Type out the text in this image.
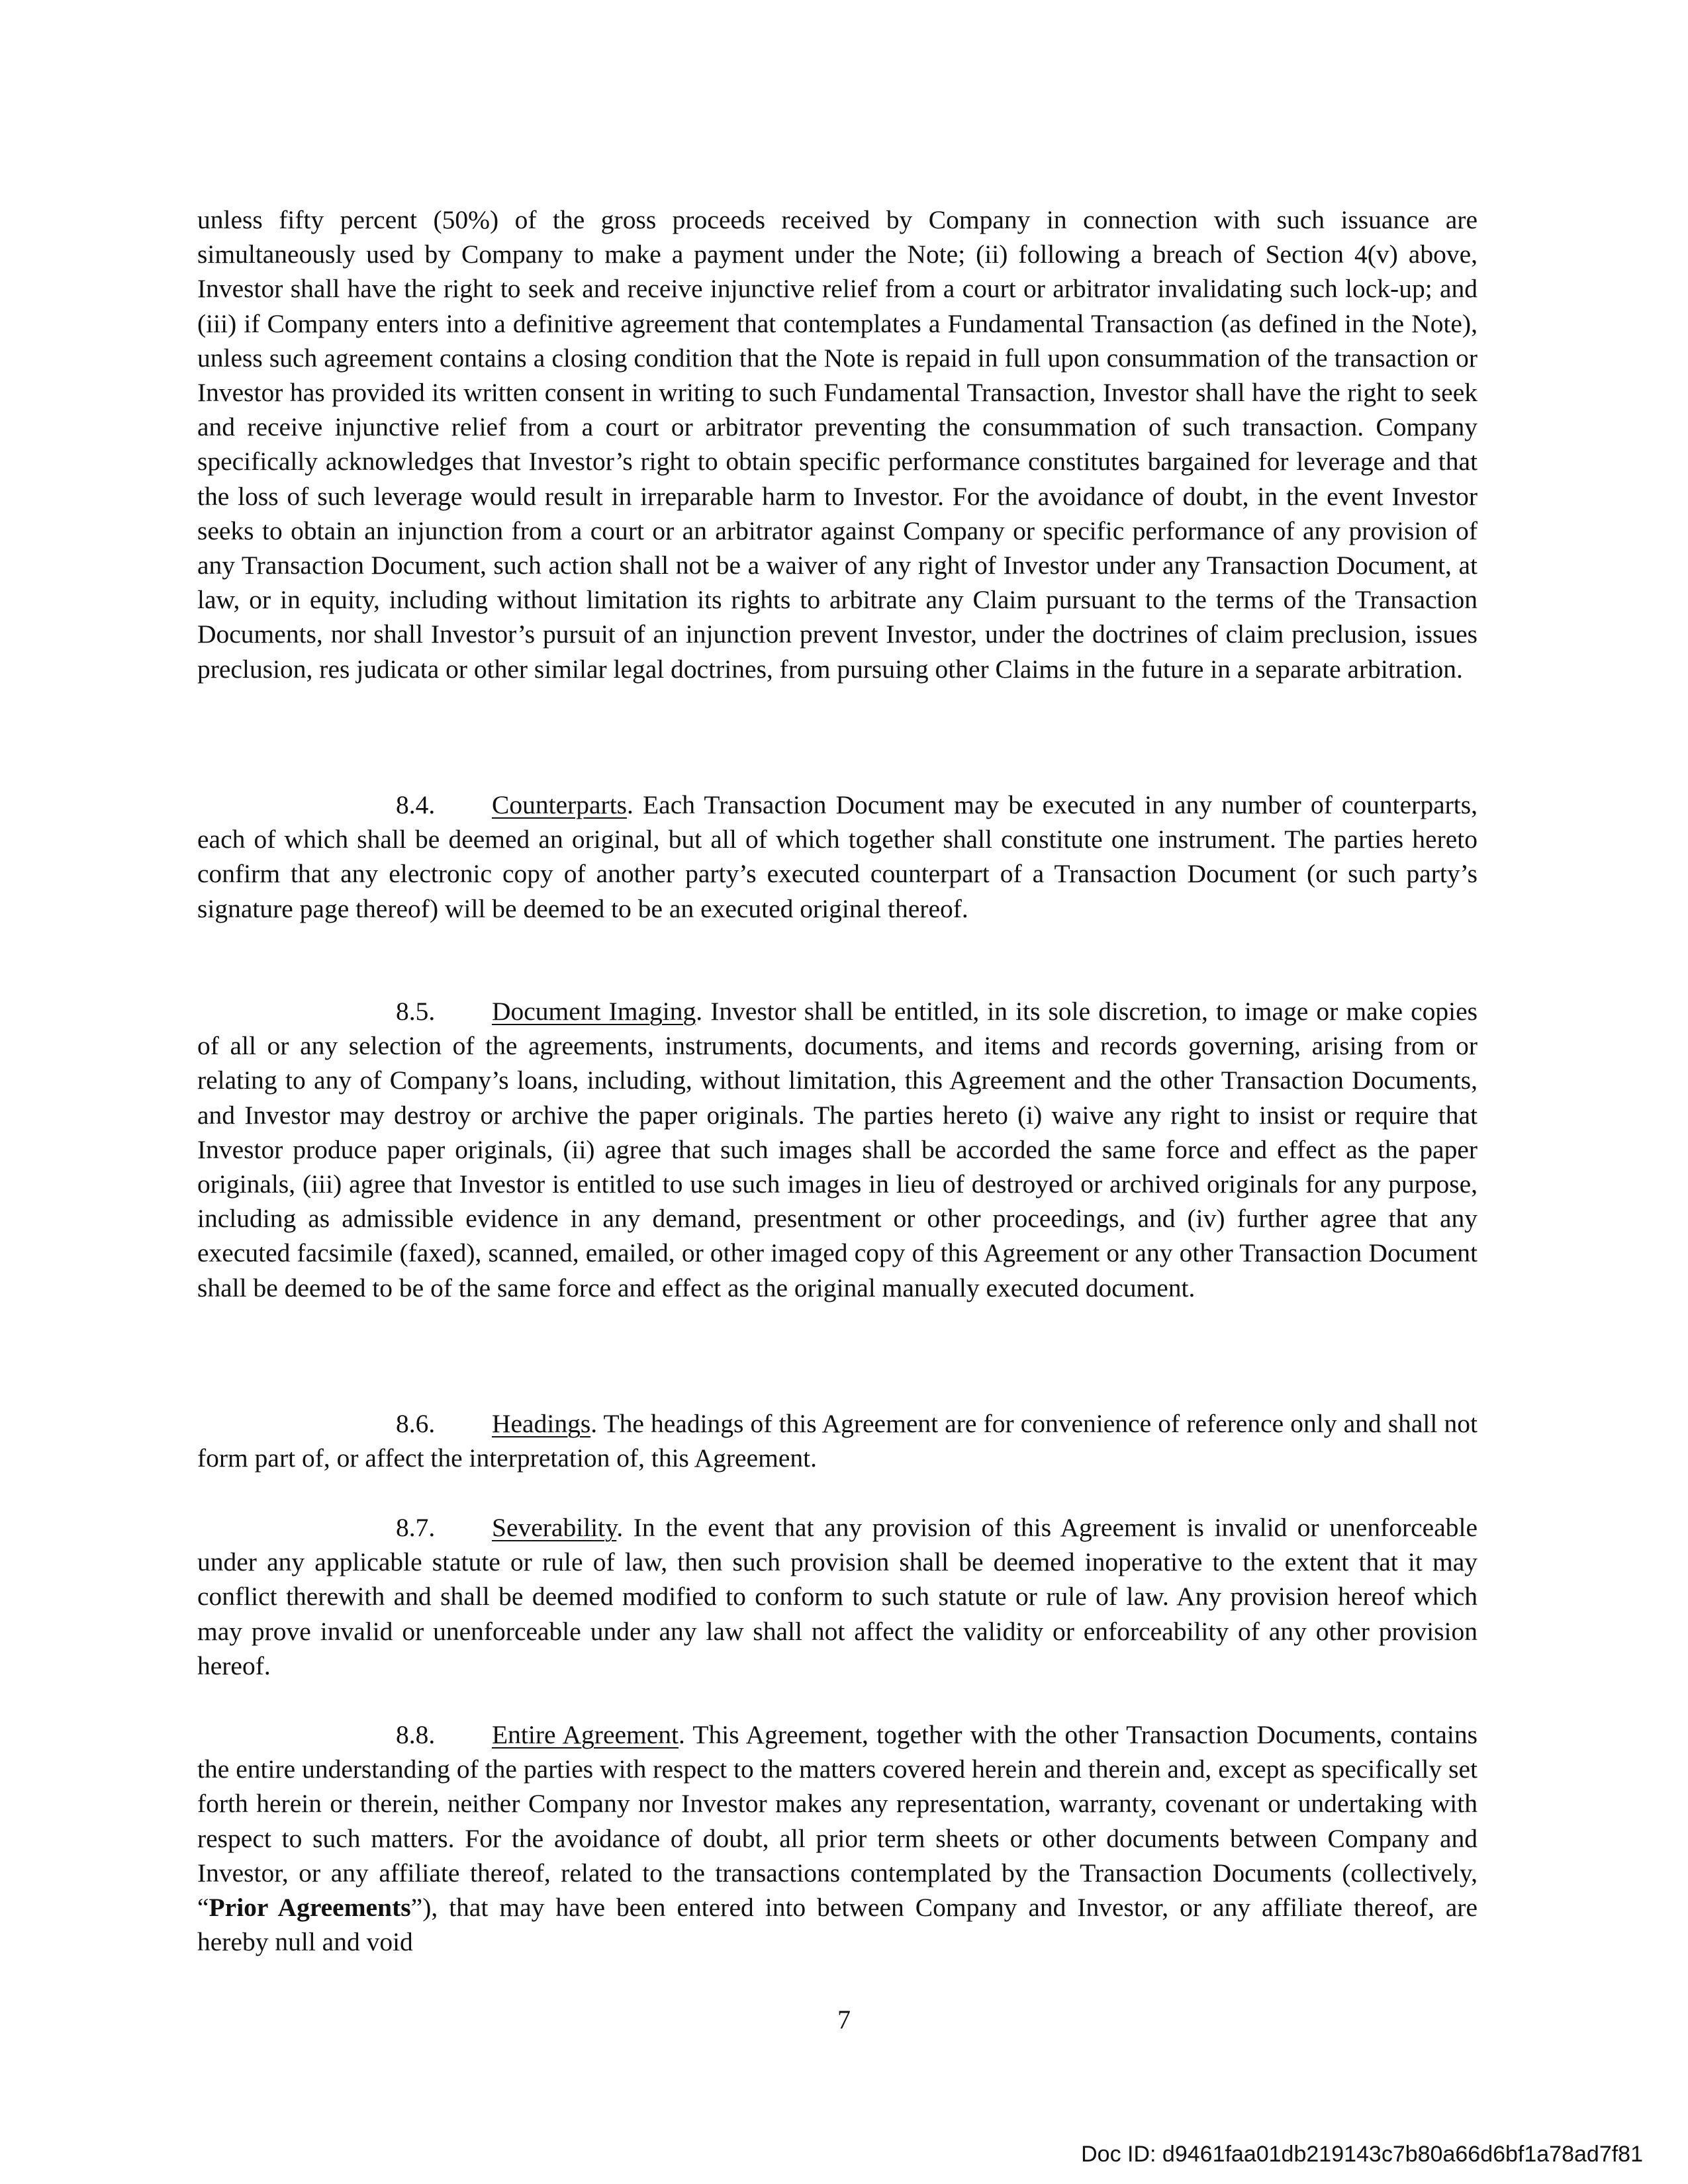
unless fifty percent (50%) of the gross proceeds received by Company in connection with such issuance are simultaneously used by Company to make a payment under the Note; (ii) following a breach of Section 4(v) above, Investor shall have the right to seek and receive injunctive relief from a court or arbitrator invalidating such lock-up; and (iii) if Company enters into a definitive agreement that contemplates a Fundamental Transaction (as defined in the Note), unless such agreement contains a closing condition that the Note is repaid in full upon consummation of the transaction or Investor has provided its written consent in writing to such Fundamental Transaction, Investor shall have the right to seek and receive injunctive relief from a court or arbitrator preventing the consummation of such transaction. Company specifically acknowledges that Investor’s right to obtain specific performance constitutes bargained for leverage and that the loss of such leverage would result in irreparable harm to Investor. For the avoidance of doubt, in the event Investor seeks to obtain an injunction from a court or an arbitrator against Company or specific performance of any provision of any Transaction Document, such action shall not be a waiver of any right of Investor under any Transaction Document, at law, or in equity, including without limitation its rights to arbitrate any Claim pursuant to the terms of the Transaction Documents, nor shall Investor’s pursuit of an injunction prevent Investor, under the doctrines of claim preclusion, issues preclusion, res judicata or other similar legal doctrines, from pursuing other Claims in the future in a separate arbitration.

8.4. Counterparts. Each Transaction Document may be executed in any number of counterparts, each of which shall be deemed an original, but all of which together shall constitute one instrument. The parties hereto confirm that any electronic copy of another party’s executed counterpart of a Transaction Document (or such party’s signature page thereof) will be deemed to be an executed original thereof.

8.5. Document Imaging. Investor shall be entitled, in its sole discretion, to image or make copies of all or any selection of the agreements, instruments, documents, and items and records governing, arising from or relating to any of Company’s loans, including, without limitation, this Agreement and the other Transaction Documents, and Investor may destroy or archive the paper originals. The parties hereto (i) waive any right to insist or require that Investor produce paper originals, (ii) agree that such images shall be accorded the same force and effect as the paper originals, (iii) agree that Investor is entitled to use such images in lieu of destroyed or archived originals for any purpose, including as admissible evidence in any demand, presentment or other proceedings, and (iv) further agree that any executed facsimile (faxed), scanned, emailed, or other imaged copy of this Agreement or any other Transaction Document shall be deemed to be of the same force and effect as the original manually executed document.

8.6. Headings. The headings of this Agreement are for convenience of reference only and shall not form part of, or affect the interpretation of, this Agreement.

8.7. Severability. In the event that any provision of this Agreement is invalid or unenforceable under any applicable statute or rule of law, then such provision shall be deemed inoperative to the extent that it may conflict therewith and shall be deemed modified to conform to such statute or rule of law. Any provision hereof which may prove invalid or unenforceable under any law shall not affect the validity or enforceability of any other provision hereof.

8.8. Entire Agreement. This Agreement, together with the other Transaction Documents, contains the entire understanding of the parties with respect to the matters covered herein and therein and, except as specifically set forth herein or therein, neither Company nor Investor makes any representation, warranty, covenant or undertaking with respect to such matters. For the avoidance of doubt, all prior term sheets or other documents between Company and Investor, or any affiliate thereof, related to the transactions contemplated by the Transaction Documents (collectively, “Prior Agreements”), that may have been entered into between Company and Investor, or any affiliate thereof, are hereby null and void

7
Doc ID: d9461faa01db219143c7b80a66d6bf1a78ad7f81
